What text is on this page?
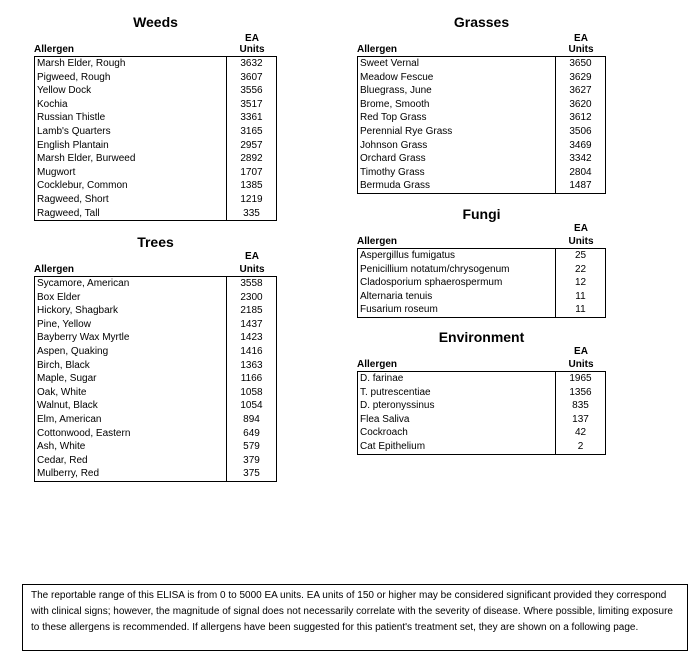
Weeds
EA
Allergen	Units
Marsh Elder, Rough	3632
Pigweed, Rough	3607
Yellow Dock	3556
Kochia	3517
Russian Thistle	3361
Lamb's Quarters	3165
English Plantain	2957
Marsh Elder, Burweed	2892
Mugwort	1707
Cocklebur, Common	1385
Ragweed, Short	1219
Ragweed, Tall	335
Trees
EA
Allergen	Units
Sycamore, American	3558
Box Elder	2300
Hickory, Shagbark	2185
Pine, Yellow	1437
Bayberry Wax Myrtle	1423
Aspen, Quaking	1416
Birch, Black	1363
Maple, Sugar	1166
Oak, White	1058
Walnut, Black	1054
Elm, American	894
Cottonwood, Eastern	649
Ash, White	579
Cedar, Red	379
Mulberry, Red	375
Grasses
EA
Allergen	Units
Sweet Vernal	3650
Meadow Fescue	3629
Bluegrass, June	3627
Brome, Smooth	3620
Red Top Grass	3612
Perennial Rye Grass	3506
Johnson Grass	3469
Orchard Grass	3342
Timothy Grass	2804
Bermuda Grass	1487
Fungi
EA
Allergen	Units
Aspergillus fumigatus	25
Penicillium notatum/chrysogenum	22
Cladosporium sphaerospermum	12
Alternaria tenuis	11
Fusarium roseum	11
Environment
EA
Allergen	Units
D. farinae	1965
T. putrescentiae	1356
D. pteronyssinus	835
Flea Saliva	137
Cockroach	42
Cat Epithelium	2
The reportable range of this ELISA is from 0 to 5000 EA units. EA units of 150 or higher may be considered significant provided they correspond with clinical signs; however, the magnitude of signal does not necessarily correlate with the severity of disease. Where possible, limiting exposure to these allergens is recommended. If allergens have been suggested for this patient's treatment set, they are shown on a following page.
